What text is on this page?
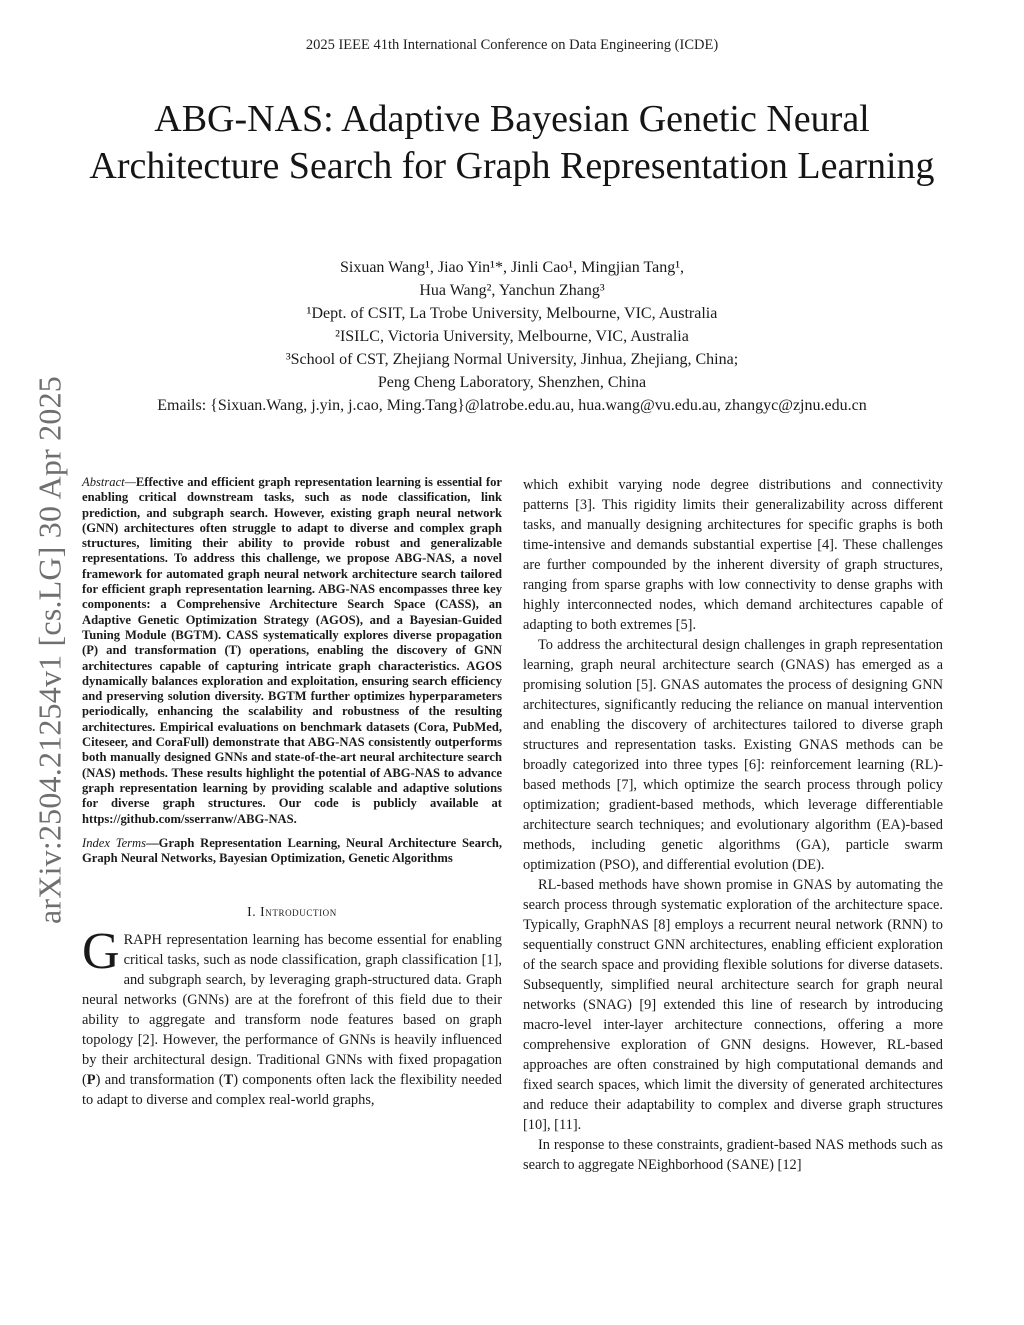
2025 IEEE 41th International Conference on Data Engineering (ICDE)
ABG-NAS: Adaptive Bayesian Genetic Neural Architecture Search for Graph Representation Learning
Sixuan Wang¹, Jiao Yin¹*, Jinli Cao¹, Mingjian Tang¹,
Hua Wang², Yanchun Zhang³
¹Dept. of CSIT, La Trobe University, Melbourne, VIC, Australia
²ISILC, Victoria University, Melbourne, VIC, Australia
³School of CST, Zhejiang Normal University, Jinhua, Zhejiang, China;
Peng Cheng Laboratory, Shenzhen, China
Emails: {Sixuan.Wang, j.yin, j.cao, Ming.Tang}@latrobe.edu.au, hua.wang@vu.edu.au, zhangyc@zjnu.edu.cn
arXiv:2504.21254v1 [cs.LG] 30 Apr 2025 Abstract—Effective and efficient graph representation learning is essential for enabling critical downstream tasks, such as node classification, link prediction, and subgraph search. However, existing graph neural network (GNN) architectures often struggle to adapt to diverse and complex graph structures, limiting their ability to provide robust and generalizable representations. To address this challenge, we propose ABG-NAS, a novel framework for automated graph neural network architecture search tailored for efficient graph representation learning. ABG-NAS encompasses three key components: a Comprehensive Architecture Search Space (CASS), an Adaptive Genetic Optimization Strategy (AGOS), and a Bayesian-Guided Tuning Module (BGTM). CASS systematically explores diverse propagation (P) and transformation (T) operations, enabling the discovery of GNN architectures capable of capturing intricate graph characteristics. AGOS dynamically balances exploration and exploitation, ensuring search efficiency and preserving solution diversity. BGTM further optimizes hyperparameters periodically, enhancing the scalability and robustness of the resulting architectures. Empirical evaluations on benchmark datasets (Cora, PubMed, Citeseer, and CoraFull) demonstrate that ABG-NAS consistently outperforms both manually designed GNNs and state-of-the-art neural architecture search (NAS) methods. These results highlight the potential of ABG-NAS to advance graph representation learning by providing scalable and adaptive solutions for diverse graph structures. Our code is publicly available at https://github.com/sserranw/ABG-NAS.

Index Terms—Graph Representation Learning, Neural Architecture Search, Graph Neural Networks, Bayesian Optimization, Genetic Algorithms

I. Introduction

GRAPH representation learning has become essential for enabling critical tasks, such as node classification, graph classification [1], and subgraph search, by leveraging graph-structured data. Graph neural networks (GNNs) are at the forefront of this field due to their ability to aggregate and transform node features based on graph topology [2]. However, the performance of GNNs is heavily influenced by their architectural design. Traditional GNNs with fixed propagation (P) and transformation (T) components often lack the flexibility needed to adapt to diverse and complex real-world graphs,

which exhibit varying node degree distributions and connectivity patterns [3]. This rigidity limits their generalizability across different tasks, and manually designing architectures for specific graphs is both time-intensive and demands substantial expertise [4]. These challenges are further compounded by the inherent diversity of graph structures, ranging from sparse graphs with low connectivity to dense graphs with highly interconnected nodes, which demand architectures capable of adapting to both extremes [5].

To address the architectural design challenges in graph representation learning, graph neural architecture search (GNAS) has emerged as a promising solution [5]. GNAS automates the process of designing GNN architectures, significantly reducing the reliance on manual intervention and enabling the discovery of architectures tailored to diverse graph structures and representation tasks. Existing GNAS methods can be broadly categorized into three types [6]: reinforcement learning (RL)-based methods [7], which optimize the search process through policy optimization; gradient-based methods, which leverage differentiable architecture search techniques; and evolutionary algorithm (EA)-based methods, including genetic algorithms (GA), particle swarm optimization (PSO), and differential evolution (DE).

RL-based methods have shown promise in GNAS by automating the search process through systematic exploration of the architecture space. Typically, GraphNAS [8] employs a recurrent neural network (RNN) to sequentially construct GNN architectures, enabling efficient exploration of the search space and providing flexible solutions for diverse datasets. Subsequently, simplified neural architecture search for graph neural networks (SNAG) [9] extended this line of research by introducing macro-level inter-layer architecture connections, offering a more comprehensive exploration of GNN designs. However, RL-based approaches are often constrained by high computational demands and fixed search spaces, which limit the diversity of generated architectures and reduce their adaptability to complex and diverse graph structures [10], [11].

In response to these constraints, gradient-based NAS methods such as search to aggregate NEighborhood (SANE) [12]
